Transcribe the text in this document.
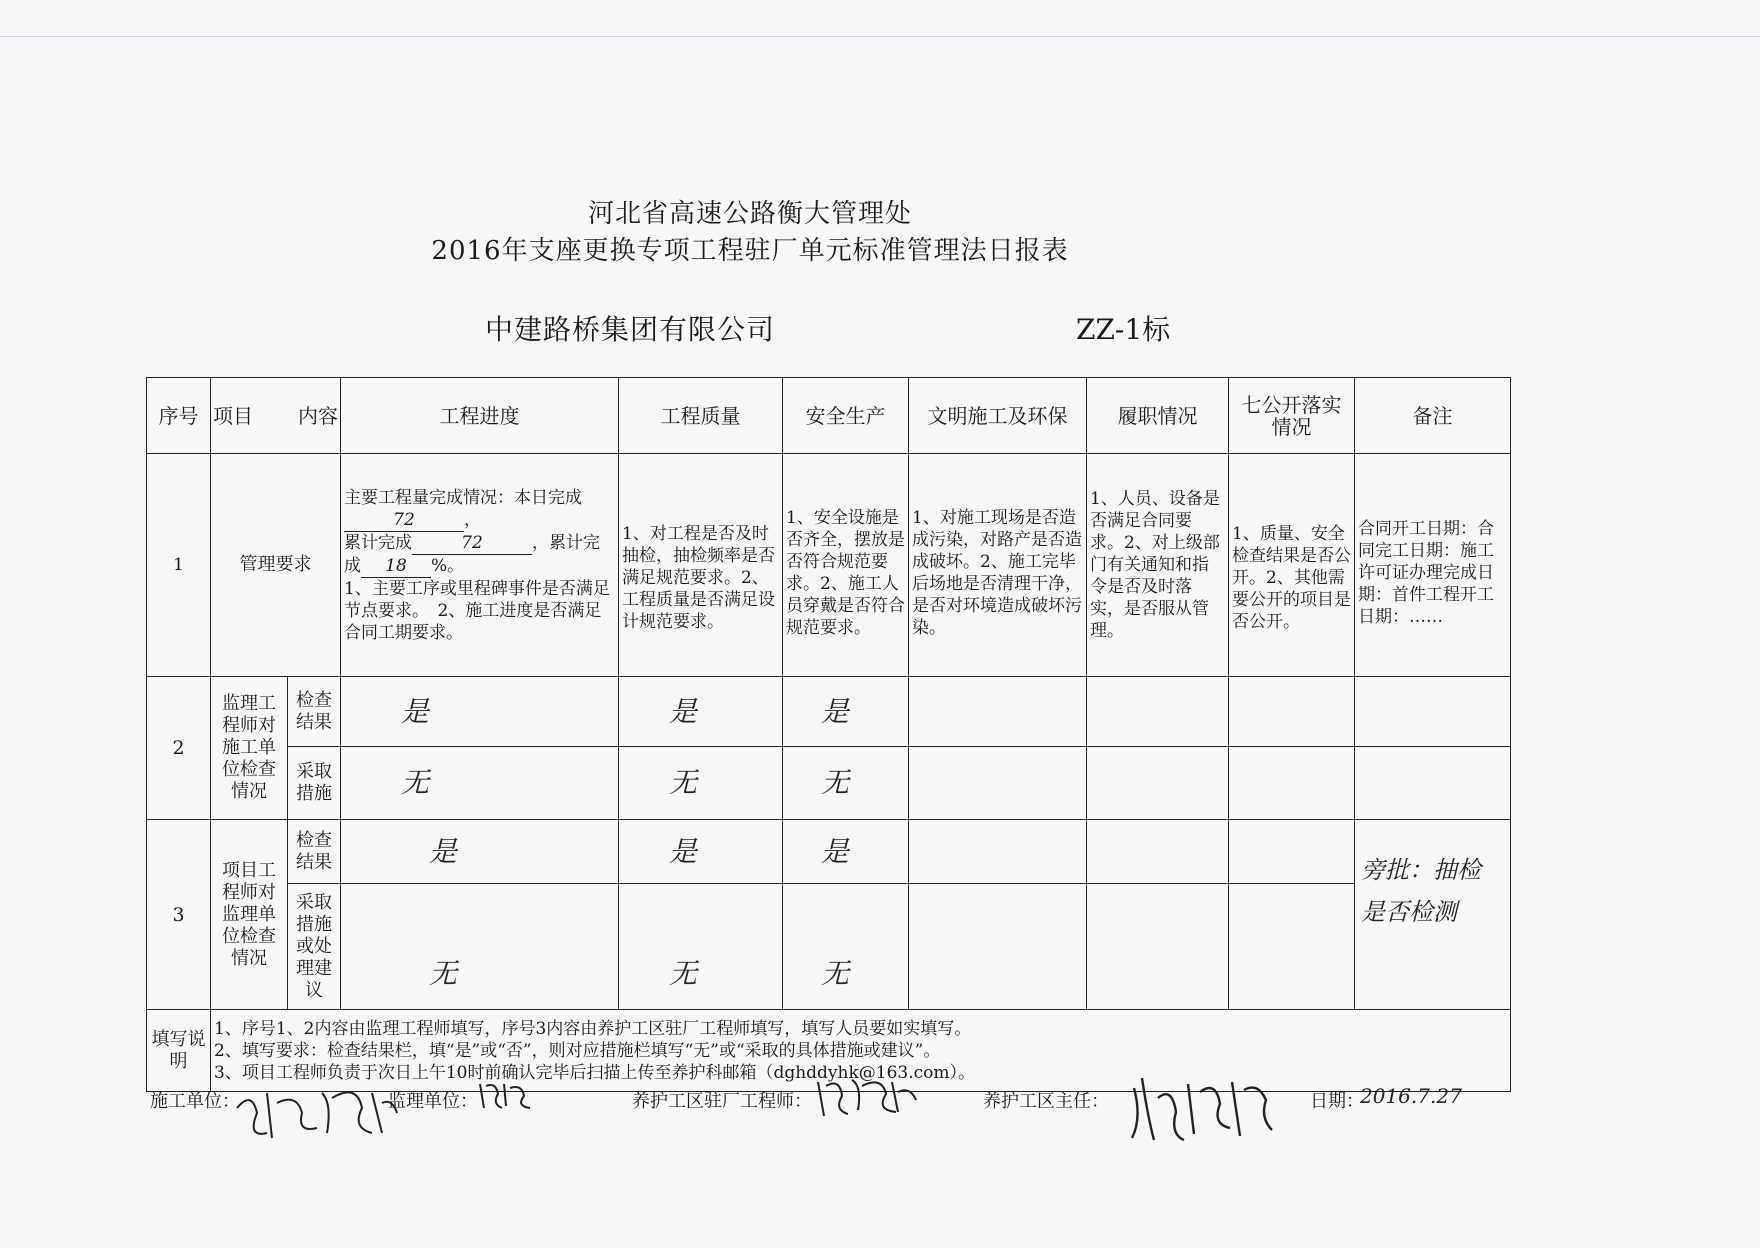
河北省高速公路衡大管理处
2016年支座更换专项工程驻厂单元标准管理法日报表
中建路桥集团有限公司	ZZ-1标
序号	项目 内容		工程进度	工程质量	安全生产	文明施工及环保	履职情况	七公开落实情况	备注
1	管理要求		主要工程量完成情况：本日完成72 ，
累计完成 72 ，累计完成 18 %。
1、主要工序或里程碑事件是否满足节点要求。　2、施工进度是否满足合同工期要求。	1、对工程是否及时抽检，抽检频率是否满足规范要求。2、工程质量是否满足设计规范要求。	1、安全设施是否齐全，摆放是否符合规范要求。2、施工人员穿戴是否符合规范要求。	1、对施工现场是否造成污染，对路产是否造成破坏。2、施工完毕后场地是否清理干净，是否对环境造成破坏污染。	1、人员、设备是否满足合同要求。2、对上级部门有关通知和指令是否及时落实，是否服从管理。	1、质量、安全检查结果是否公开。2、其他需要公开的项目是否公开。	合同开工日期：合同完工日期：施工许可证办理完成日期：首件工程开工日期：……
2	监理工程师对施工单位检查情况	检查结果	是	是	是				
		采取措施	无	无	无				
3	项目工程师对监理单位检查情况	检查结果	是	是	是				旁批：抽检
是否检测

		采取措施或处理建议	无	无	无				
填写说明	1、序号1、2内容由监理工程师填写，序号3内容由养护工区驻厂工程师填写，填写人员要如实填写。
2、填写要求：检查结果栏，填“是”或“否”，则对应措施栏填写“无”或“采取的具体措施或建议”。
3、项目工程师负责于次日上午10时前确认完毕后扫描上传至养护科邮箱（dghddyhk@163.com）。								
施工单位：	监理单位：	养护工区驻厂工程师：	养护工区主任：	日期：
2016.7.27
